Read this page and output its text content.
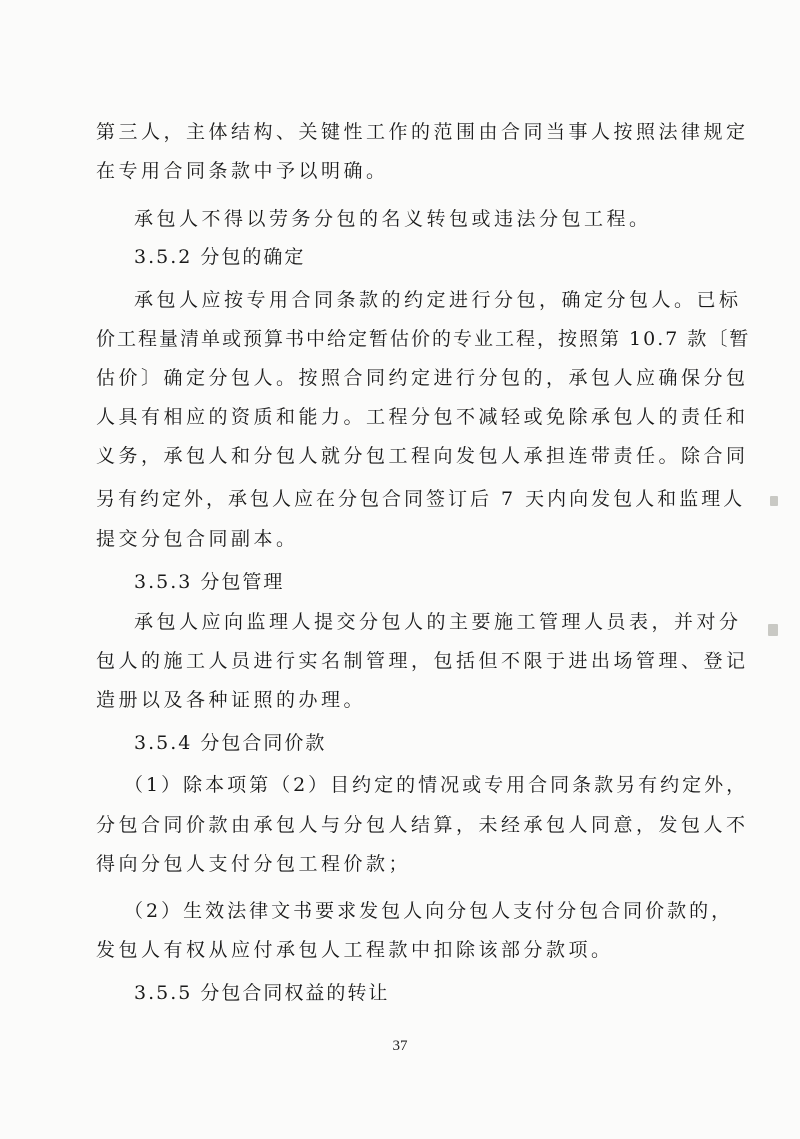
第三人，主体结构、关键性工作的范围由合同当事人按照法律规定
在专用合同条款中予以明确。
承包人不得以劳务分包的名义转包或违法分包工程。
3.5.2 分包的确定
承包人应按专用合同条款的约定进行分包，确定分包人。已标
价工程量清单或预算书中给定暂估价的专业工程，按照第 10.7 款〔暂
估价〕确定分包人。按照合同约定进行分包的，承包人应确保分包
人具有相应的资质和能力。工程分包不减轻或免除承包人的责任和
义务，承包人和分包人就分包工程向发包人承担连带责任。除合同
另有约定外，承包人应在分包合同签订后 7 天内向发包人和监理人
提交分包合同副本。
3.5.3 分包管理
承包人应向监理人提交分包人的主要施工管理人员表，并对分
包人的施工人员进行实名制管理，包括但不限于进出场管理、登记
造册以及各种证照的办理。
3.5.4 分包合同价款
（1）除本项第（2）目约定的情况或专用合同条款另有约定外，
分包合同价款由承包人与分包人结算，未经承包人同意，发包人不
得向分包人支付分包工程价款；
（2）生效法律文书要求发包人向分包人支付分包合同价款的，
发包人有权从应付承包人工程款中扣除该部分款项。
3.5.5 分包合同权益的转让
37
